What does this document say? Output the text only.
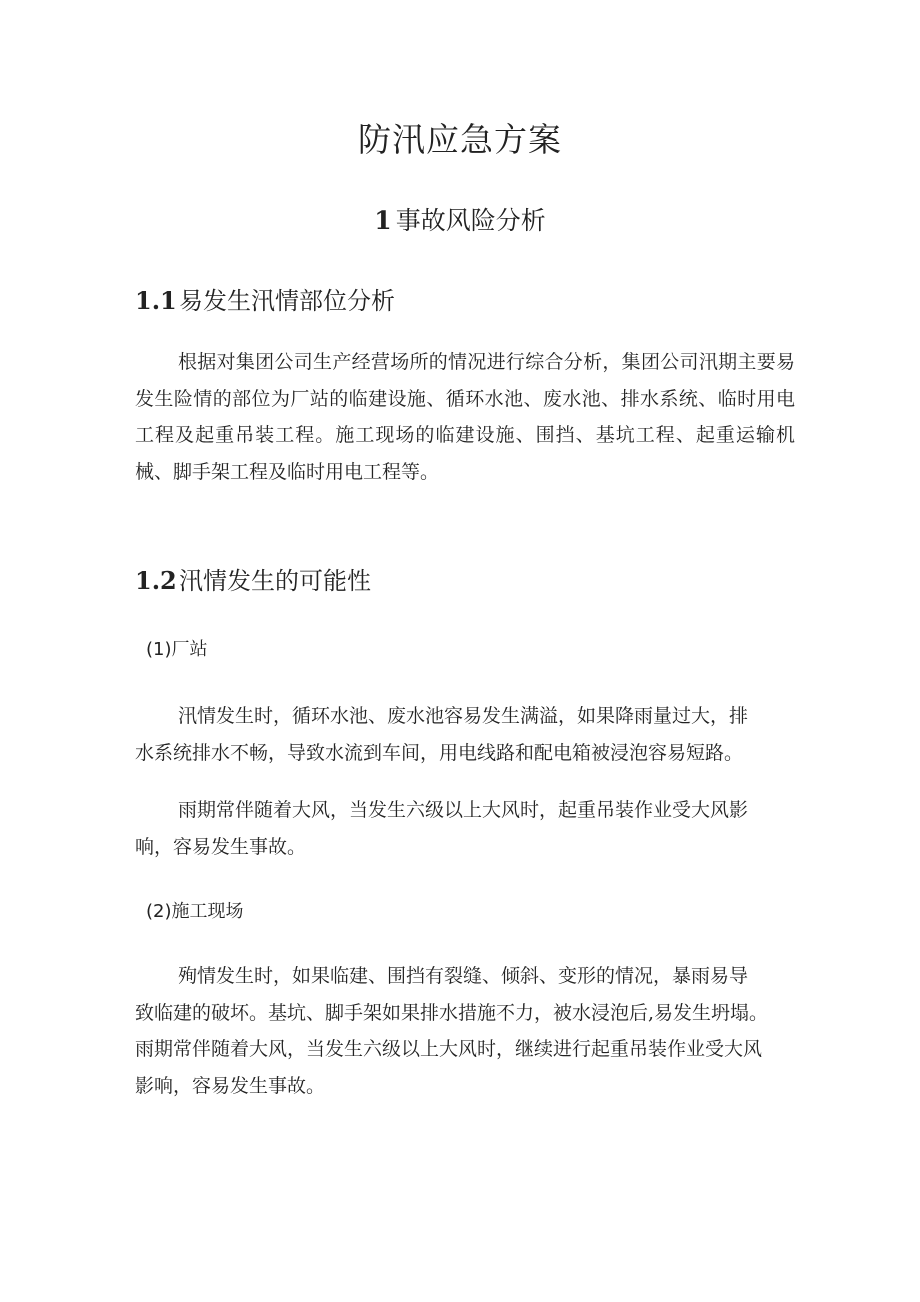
防汛应急方案
1 事故风险分析
1.1易发生汛情部位分析

根据对集团公司生产经营场所的情况进行综合分析，集团公司汛期主要易发生险情的部位为厂站的临建设施、循环水池、废水池、排水系统、临时用电工程及起重吊装工程。施工现场的临建设施、围挡、基坑工程、起重运输机械、脚手架工程及临时用电工程等。

1.2汛情发生的可能性
(1)厂站
汛情发生时，循环水池、废水池容易发生满溢，如果降雨量过大，排
水系统排水不畅，导致水流到车间，用电线路和配电箱被浸泡容易短路。
雨期常伴随着大风，当发生六级以上大风时，起重吊装作业受大风影
响，容易发生事故。
(2)施工现场
殉情发生时，如果临建、围挡有裂缝、倾斜、变形的情况，暴雨易导
致临建的破坏。基坑、脚手架如果排水措施不力，被水浸泡后,易发生坍塌。
雨期常伴随着大风，当发生六级以上大风时，继续进行起重吊装作业受大风
影响，容易发生事故。
